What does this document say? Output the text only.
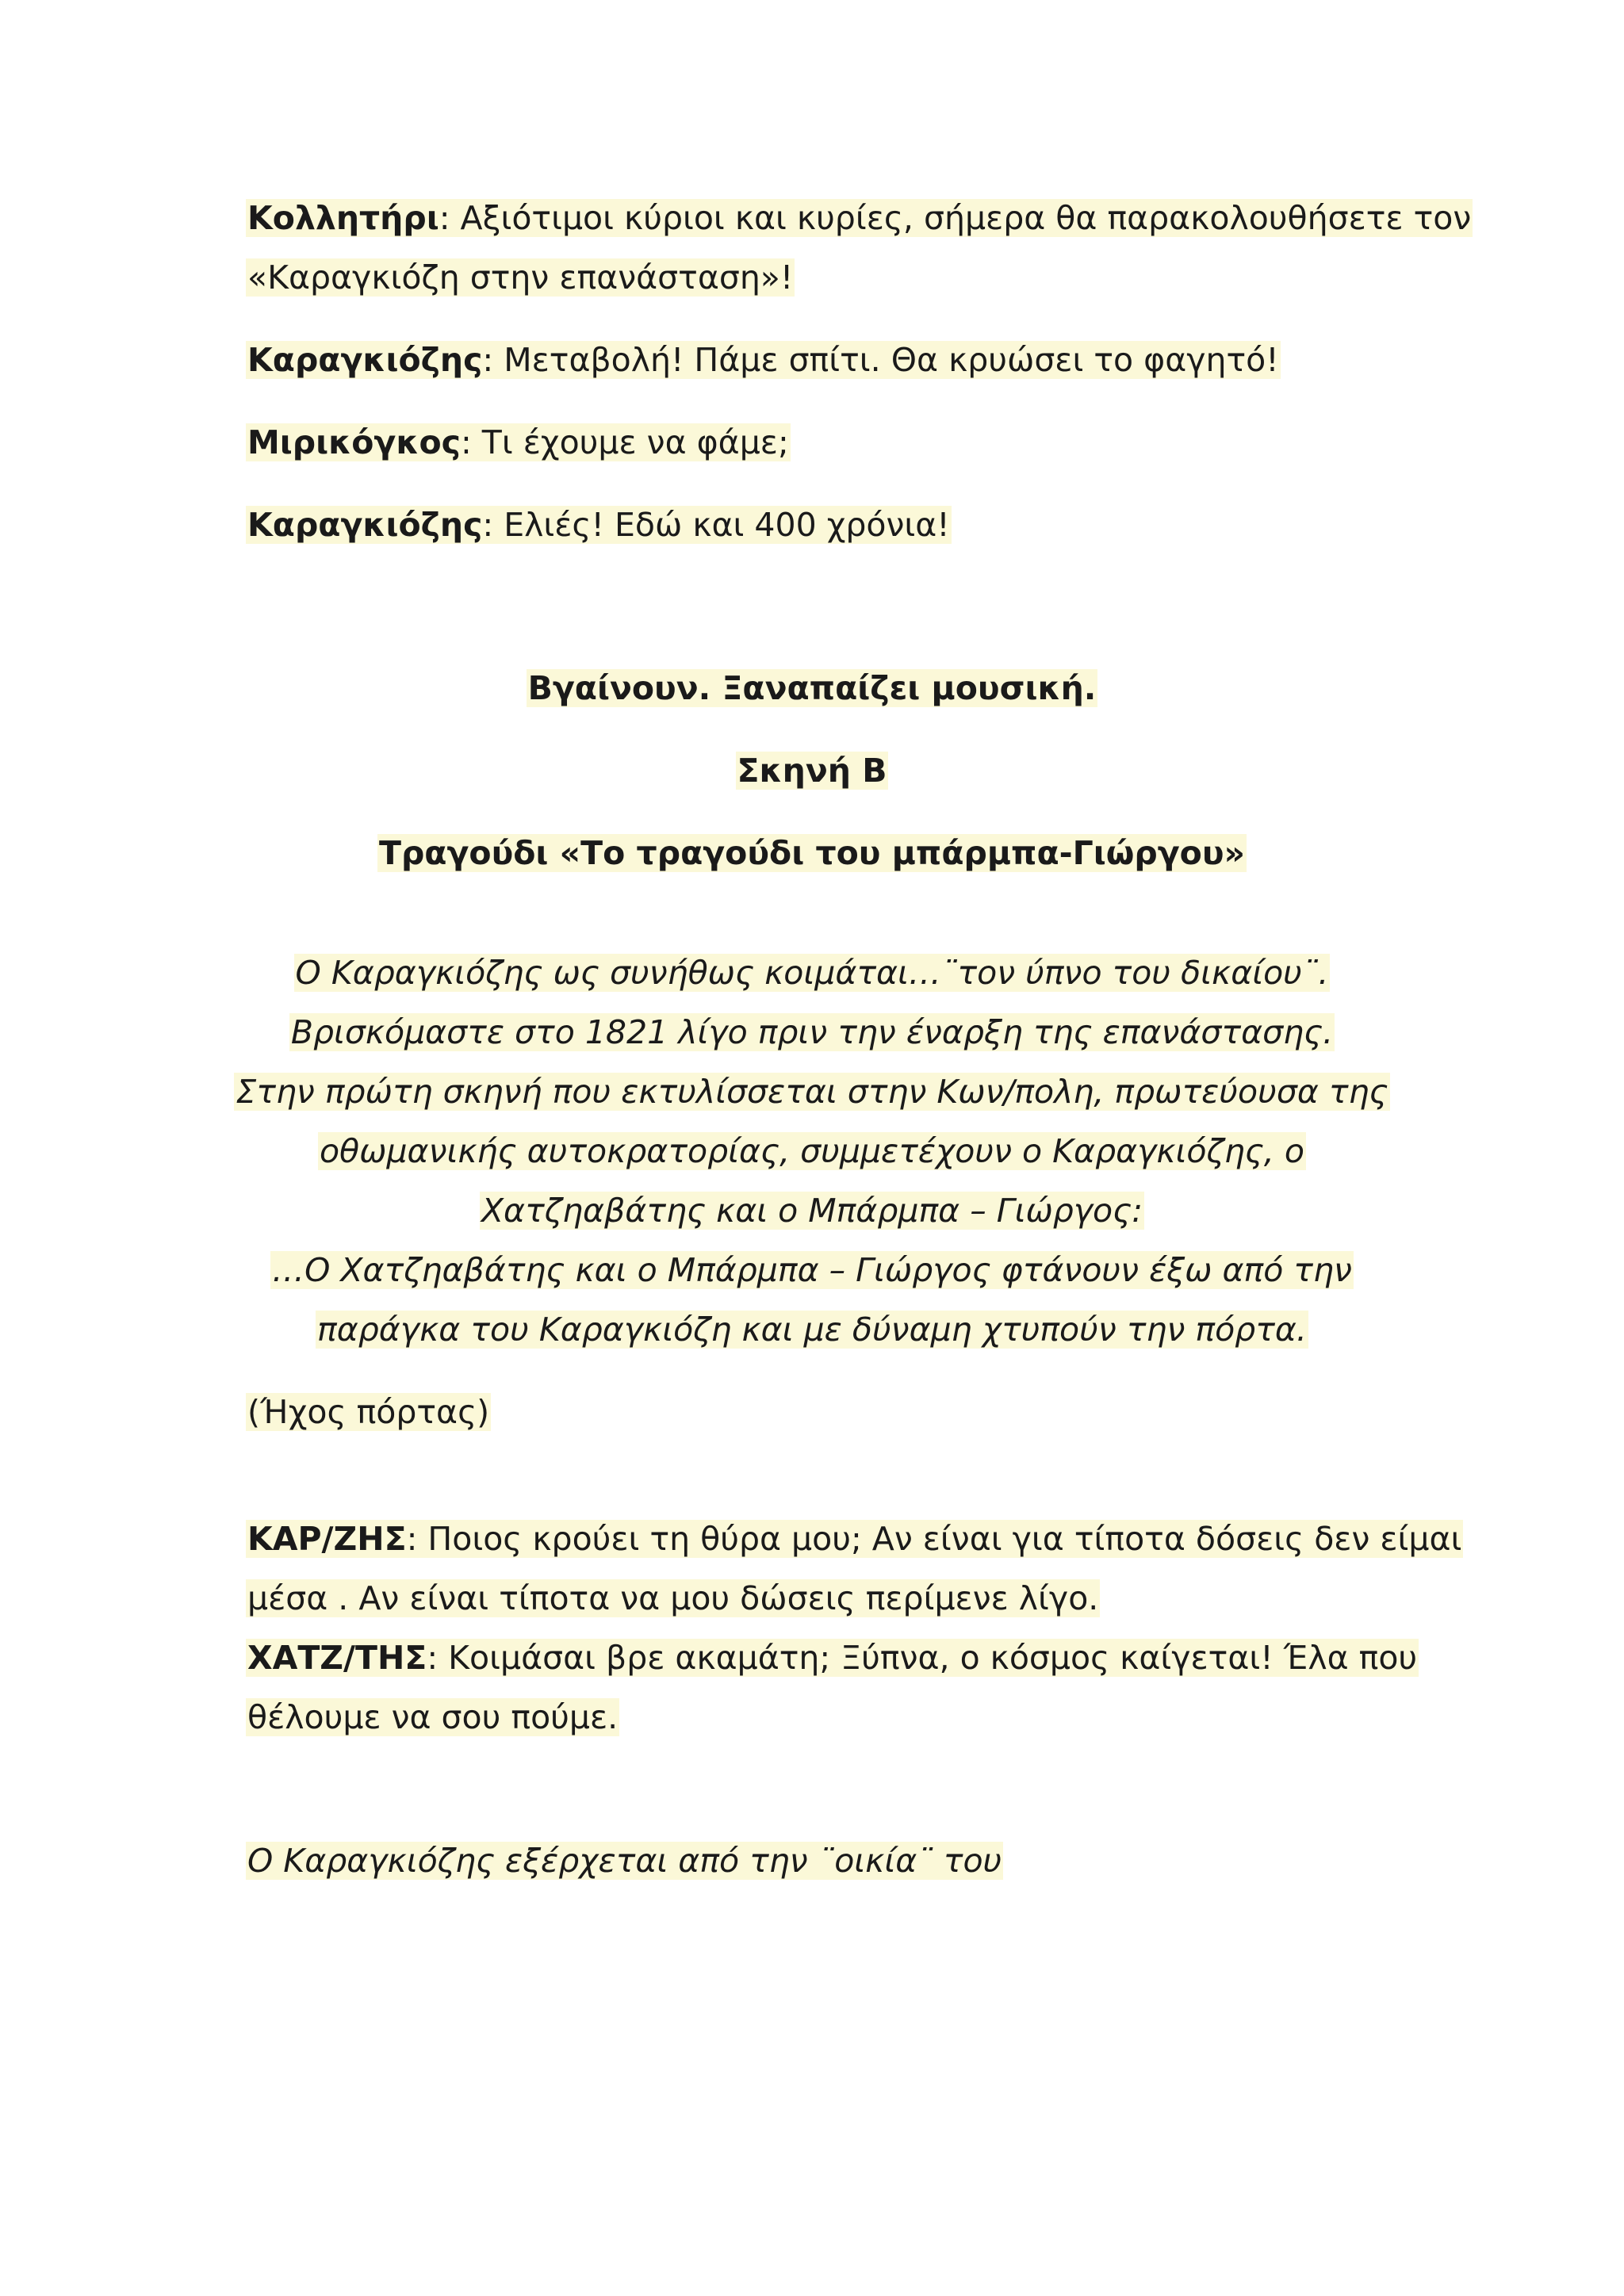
Κολλητήρι: Αξιότιμοι κύριοι και κυρίες, σήμερα θα παρακολουθήσετε τον
«Καραγκιόζη στην επανάσταση»!
Καραγκιόζης: Μεταβολή! Πάμε σπίτι. Θα κρυώσει το φαγητό!
Μιρικόγκος: Τι έχουμε να φάμε;
Καραγκιόζης: Ελιές! Εδώ και 400 χρόνια!
Βγαίνουν. Ξαναπαίζει μουσική.
Σκηνή Β
Τραγούδι «Το τραγούδι του μπάρμπα-Γιώργου»
Ο Καραγκιόζης ως συνήθως κοιμάται…¨τον ύπνο του δικαίου¨.
Βρισκόμαστε στο 1821 λίγο πριν την έναρξη της επανάστασης.
Στην πρώτη σκηνή που εκτυλίσσεται στην Κων/πολη, πρωτεύουσα της
οθωμανικής αυτοκρατορίας, συμμετέχουν ο Καραγκιόζης, ο
Χατζηαβάτης και ο Μπάρμπα – Γιώργος:
…Ο Χατζηαβάτης και ο Μπάρμπα – Γιώργος φτάνουν έξω από την
παράγκα του Καραγκιόζη και με δύναμη χτυπούν την πόρτα.
(Ήχος πόρτας)
ΚΑΡ/ΖΗΣ: Ποιος κρούει τη θύρα μου; Αν είναι για τίποτα δόσεις δεν είμαι
μέσα . Αν είναι τίποτα να μου δώσεις περίμενε λίγο.
ΧΑΤΖ/ΤΗΣ: Κοιμάσαι βρε ακαμάτη; Ξύπνα, ο κόσμος καίγεται! Έλα που
θέλουμε να σου πούμε.
Ο Καραγκιόζης εξέρχεται από την ¨οικία¨ του
